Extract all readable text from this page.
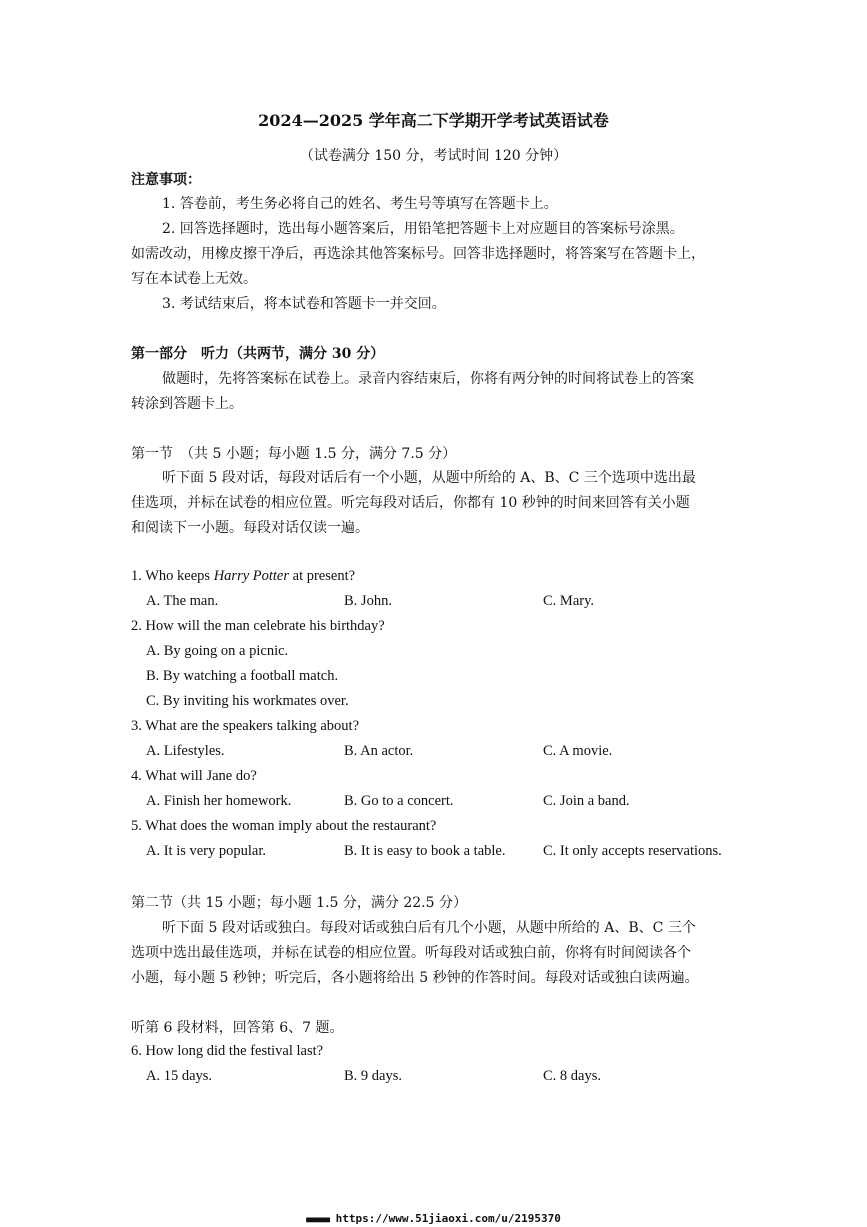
2024—2025 学年高二下学期开学考试英语试卷
（试卷满分 150 分，考试时间 120 分钟）
注意事项：
1. 答卷前，考生务必将自己的姓名、考生号等填写在答题卡上。
2. 回答选择题时，选出每小题答案后，用铅笔把答题卡上对应题目的答案标号涂黑。
如需改动，用橡皮擦干净后，再选涂其他答案标号。回答非选择题时，将答案写在答题卡上，
写在本试卷上无效。
3. 考试结束后，将本试卷和答题卡一并交回。
第一部分　听力（共两节，满分 30 分）
做题时，先将答案标在试卷上。录音内容结束后，你将有两分钟的时间将试卷上的答案
转涂到答题卡上。
第一节　（共 5 小题；每小题 1.5 分，满分 7.5 分）
听下面 5 段对话，每段对话后有一个小题，从题中所给的 A、B、C 三个选项中选出最
佳选项，并标在试卷的相应位置。听完每段对话后，你都有 10 秒钟的时间来回答有关小题
和阅读下一小题。每段对话仅读一遍。
1. Who keeps Harry Potter at present?
A. The man.	B. John.	C. Mary.
2. How will the man celebrate his birthday?
A. By going on a picnic.
B. By watching a football match.
C. By inviting his workmates over.
3. What are the speakers talking about?
A. Lifestyles.	B. An actor.	C. A movie.
4. What will Jane do?
A. Finish her homework.	B. Go to a concert.	C. Join a band.
5. What does the woman imply about the restaurant?
A. It is very popular.	B. It is easy to book a table.	C. It only accepts reservations.
第二节（共 15 小题；每小题 1.5 分，满分 22.5 分）
听下面 5 段对话或独白。每段对话或独白后有几个小题，从题中所给的 A、B、C 三个
选项中选出最佳选项，并标在试卷的相应位置。听每段对话或独白前，你将有时间阅读各个
小题，每小题 5 秒钟；听完后，各小题将给出 5 秒钟的作答时间。每段对话或独白读两遍。
听第 6 段材料，回答第 6、7 题。
6. How long did the festival last?
A. 15 days.	B. 9 days.	C. 8 days.
■■■■■■ https://www.51jiaoxi.com/u/2195370
